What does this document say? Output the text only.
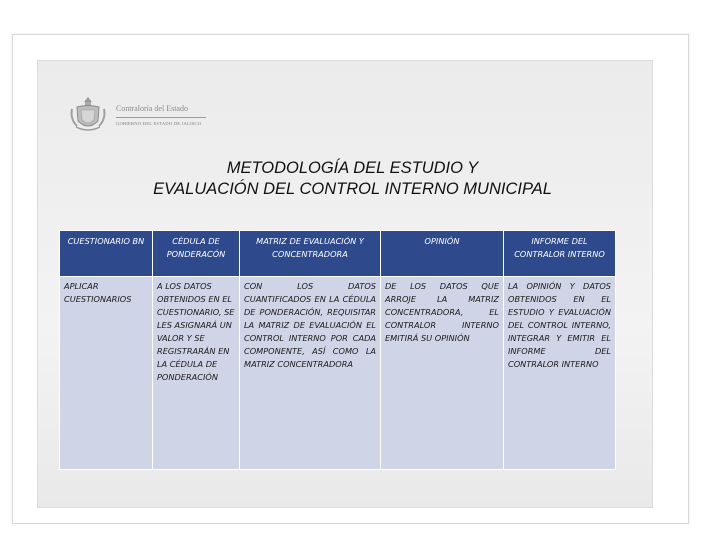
Contraloría del Estado
GOBIERNO DEL ESTADO DE JALISCO
METODOLOGÍA DEL ESTUDIO Y
EVALUACIÓN DEL CONTROL INTERNO MUNICIPAL
CUESTIONARIO BN	CÉDULA DE PONDERACÓN	MATRIZ DE EVALUACIÓN Y CONCENTRADORA	OPINIÓN	INFORME DEL CONTRALOR INTERNO
APLICAR CUESTIONARIOS	A LOS DATOS OBTENIDOS EN EL CUESTIONARIO, SE LES ASIGNARÁ UN VALOR Y SE REGISTRARÁN EN LA CÉDULA DE PONDERACIÓN	CON LOS DATOS CUANTIFICADOS EN LA CÉDULA DE PONDERACIÓN, REQUISITAR LA MATRIZ DE EVALUACIÓN EL CONTROL INTERNO POR CADA COMPONENTE, ASÍ COMO LA MATRIZ CONCENTRADORA	DE LOS DATOS QUE ARROJE LA MATRIZ CONCENTRADORA, EL CONTRALOR INTERNO EMITIRÁ SU OPINIÓN	LA OPINIÓN Y DATOS OBTENIDOS EN EL ESTUDIO Y EVALUACIÓN DEL CONTROL INTERNO, INTEGRAR Y EMITIR EL INFORME DEL CONTRALOR INTERNO
